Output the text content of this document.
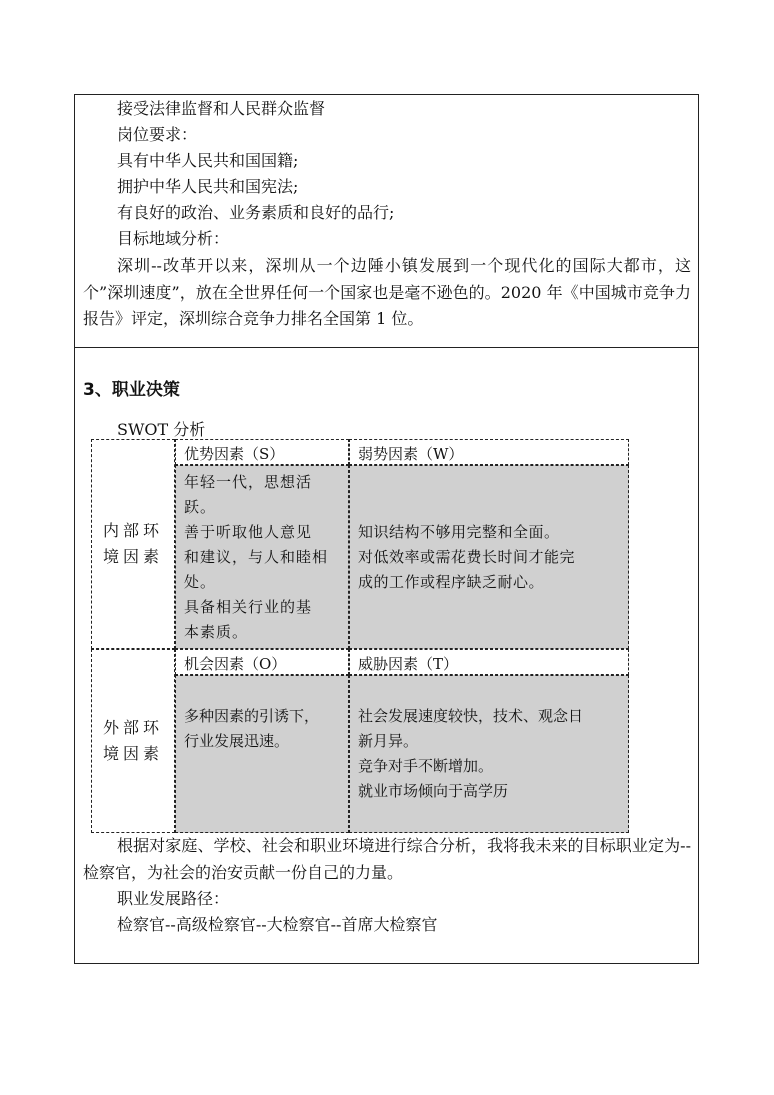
接受法律监督和人民群众监督
岗位要求：
具有中华人民共和国国籍;
拥护中华人民共和国宪法;
有良好的政治、业务素质和良好的品行;
目标地域分析：
深圳--改革开以来，深圳从一个边陲小镇发展到一个现代化的国际大都市，这个”深圳速度”，放在全世界任何一个国家也是毫不逊色的。2020 年《中国城市竞争力报告》评定，深圳综合竞争力排名全国第 1 位。
3、职业决策
SWOT 分析
内部环境因素
优势因素（S）	弱势因素（W）
年轻一代，思想活
跃。
善于听取他人意见
和建议，与人和睦相
处。
具备相关行业的基
本素质。
知识结构不够用完整和全面。
对低效率或需花费长时间才能完
成的工作或程序缺乏耐心。
外部环境因素
机会因素（O）	威胁因素（T）
多种因素的引诱下，
行业发展迅速。
社会发展速度较快，技术、观念日
新月异。
竞争对手不断增加。
就业市场倾向于高学历
根据对家庭、学校、社会和职业环境进行综合分析，我将我未来的目标职业定为--检察官，为社会的治安贡献一份自己的力量。
职业发展路径：
检察官--高级检察官--大检察官--首席大检察官
